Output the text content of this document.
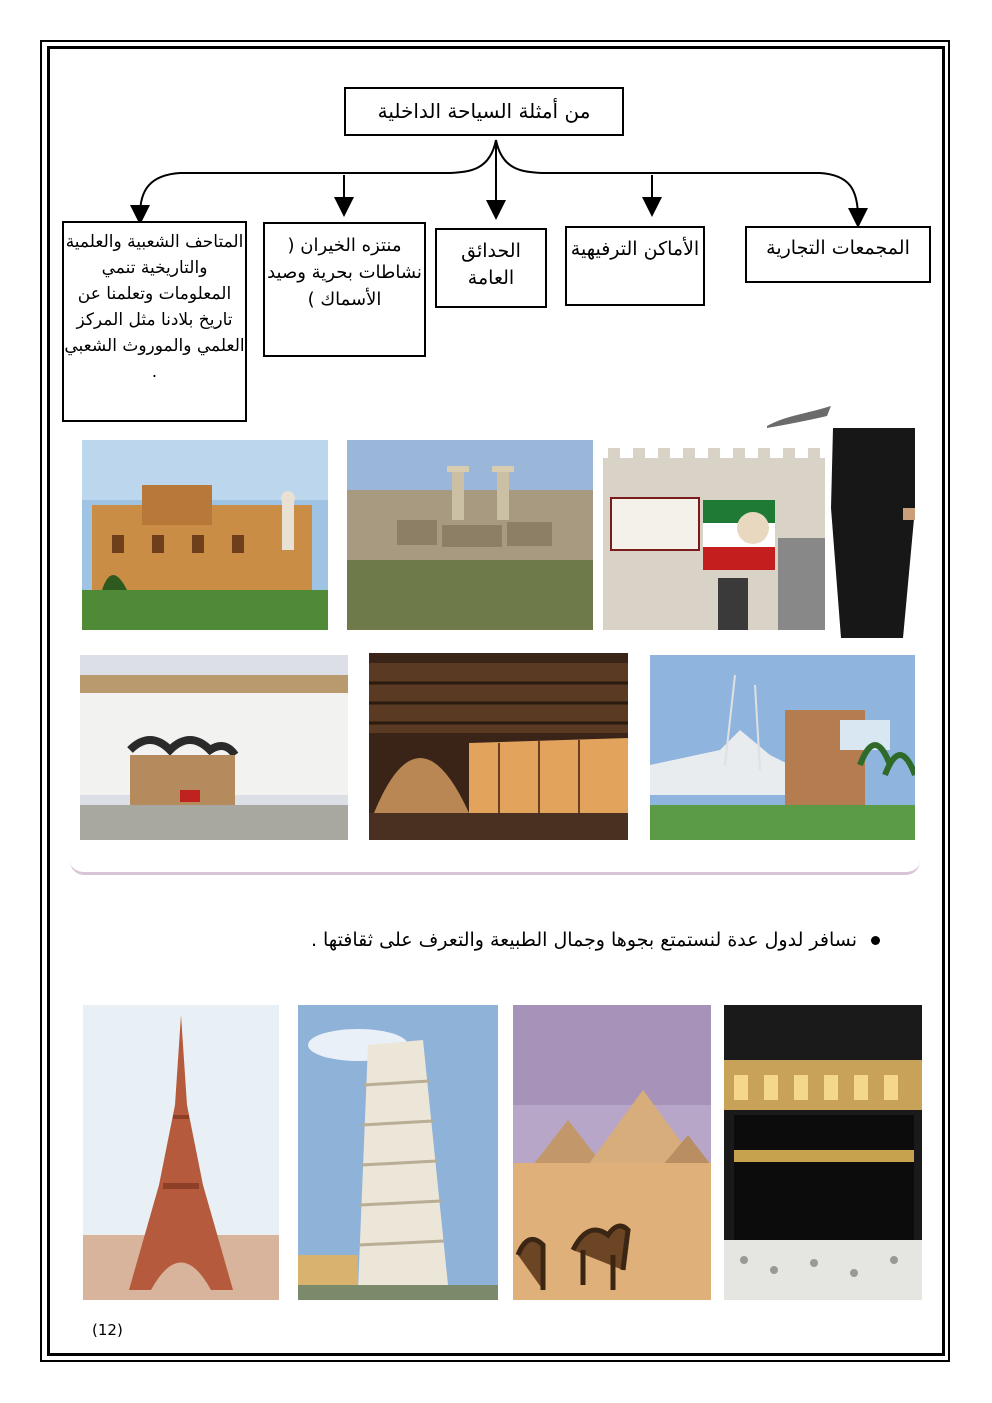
من أمثلة السياحة الداخلية
المجمعات التجارية
الأماكن الترفيهية
الحدائق العامة
منتزه الخيران ( نشاطات بحرية وصيد الأسماك )
المتاحف الشعبية والعلمية والتاريخية تنمي المعلومات وتعلمنا عن تاريخ بلادنا مثل المركز العلمي والموروث الشعبي .
نسافر لدول عدة لنستمتع بجوها وجمال الطبيعة والتعرف على ثقافتها .
(12)
